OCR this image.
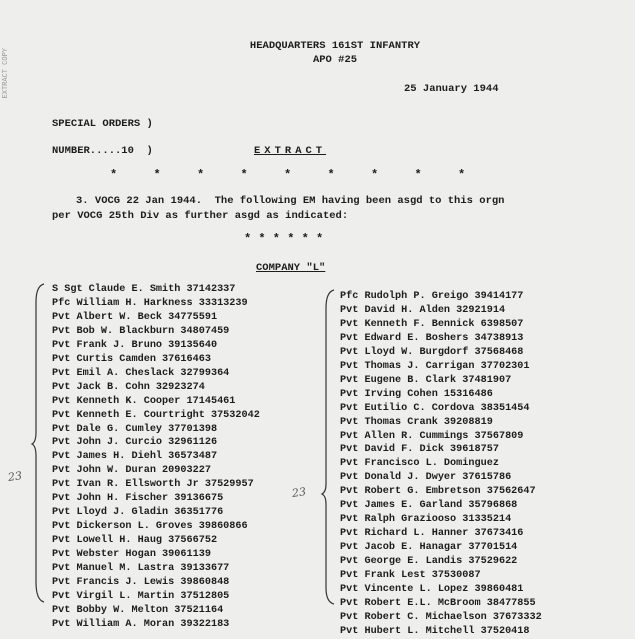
EXTRACT COPY
HEADQUARTERS 161ST INFANTRY
APO #25
25 January 1944
SPECIAL ORDERS )
NUMBER.....10  )	EXTRACT
*    *    *    *    *    *    *    *    *
3. VOCG 22 Jan 1944.  The following EM having been asgd to this orgn
per VOCG 25th Div as further asgd as indicated:
* * * * * *
COMPANY "L"
23
23
S Sgt Claude E. Smith 37142337
Pfc William H. Harkness 33313239
Pvt Albert W. Beck 34775591
Pvt Bob W. Blackburn 34807459
Pvt Frank J. Bruno 39135640
Pvt Curtis Camden 37616463
Pvt Emil A. Cheslack 32799364
Pvt Jack B. Cohn 32923274
Pvt Kenneth K. Cooper 17145461
Pvt Kenneth E. Courtright 37532042
Pvt Dale G. Cumley 37701398
Pvt John J. Curcio 32961126
Pvt James H. Diehl 36573487
Pvt John W. Duran 20903227
Pvt Ivan R. Ellsworth Jr 37529957
Pvt John H. Fischer 39136675
Pvt Lloyd J. Gladin 36351776
Pvt Dickerson L. Groves 39860866
Pvt Lowell H. Haug 37566752
Pvt Webster Hogan 39061139
Pvt Manuel M. Lastra 39133677
Pvt Francis J. Lewis 39860848
Pvt Virgil L. Martin 37512805
Pvt Bobby W. Melton 37521164
Pvt William A. Moran 39322183
Pfc Rudolph P. Greigo 39414177
Pvt David H. Alden 32921914
Pvt Kenneth F. Bennick 6398507
Pvt Edward E. Boshers 34738913
Pvt Lloyd W. Burgdorf 37568468
Pvt Thomas J. Carrigan 37702301
Pvt Eugene B. Clark 37481907
Pvt Irving Cohen 15316486
Pvt Eutilio C. Cordova 38351454
Pvt Thomas Crank 39208819
Pvt Allen R. Cummings 37567809
Pvt David F. Dick 39618757
Pvt Francisco L. Dominguez
Pvt Donald J. Dwyer 37615786
Pvt Robert G. Embretson 37562647
Pvt James E. Garland 35796868
Pvt Ralph Graziooso 31335214
Pvt Richard L. Hanner 37673416
Pvt Jacob E. Hanagar 37701514
Pvt George E. Landis 37529622
Pvt Frank Lest 37530087
Pvt Vincente L. Lopez 39860481
Pvt Robert E.L. McBroom 38477855
Pvt Robert C. Michaelson 37673332
Pvt Hubert L. Mitchell 37520418
